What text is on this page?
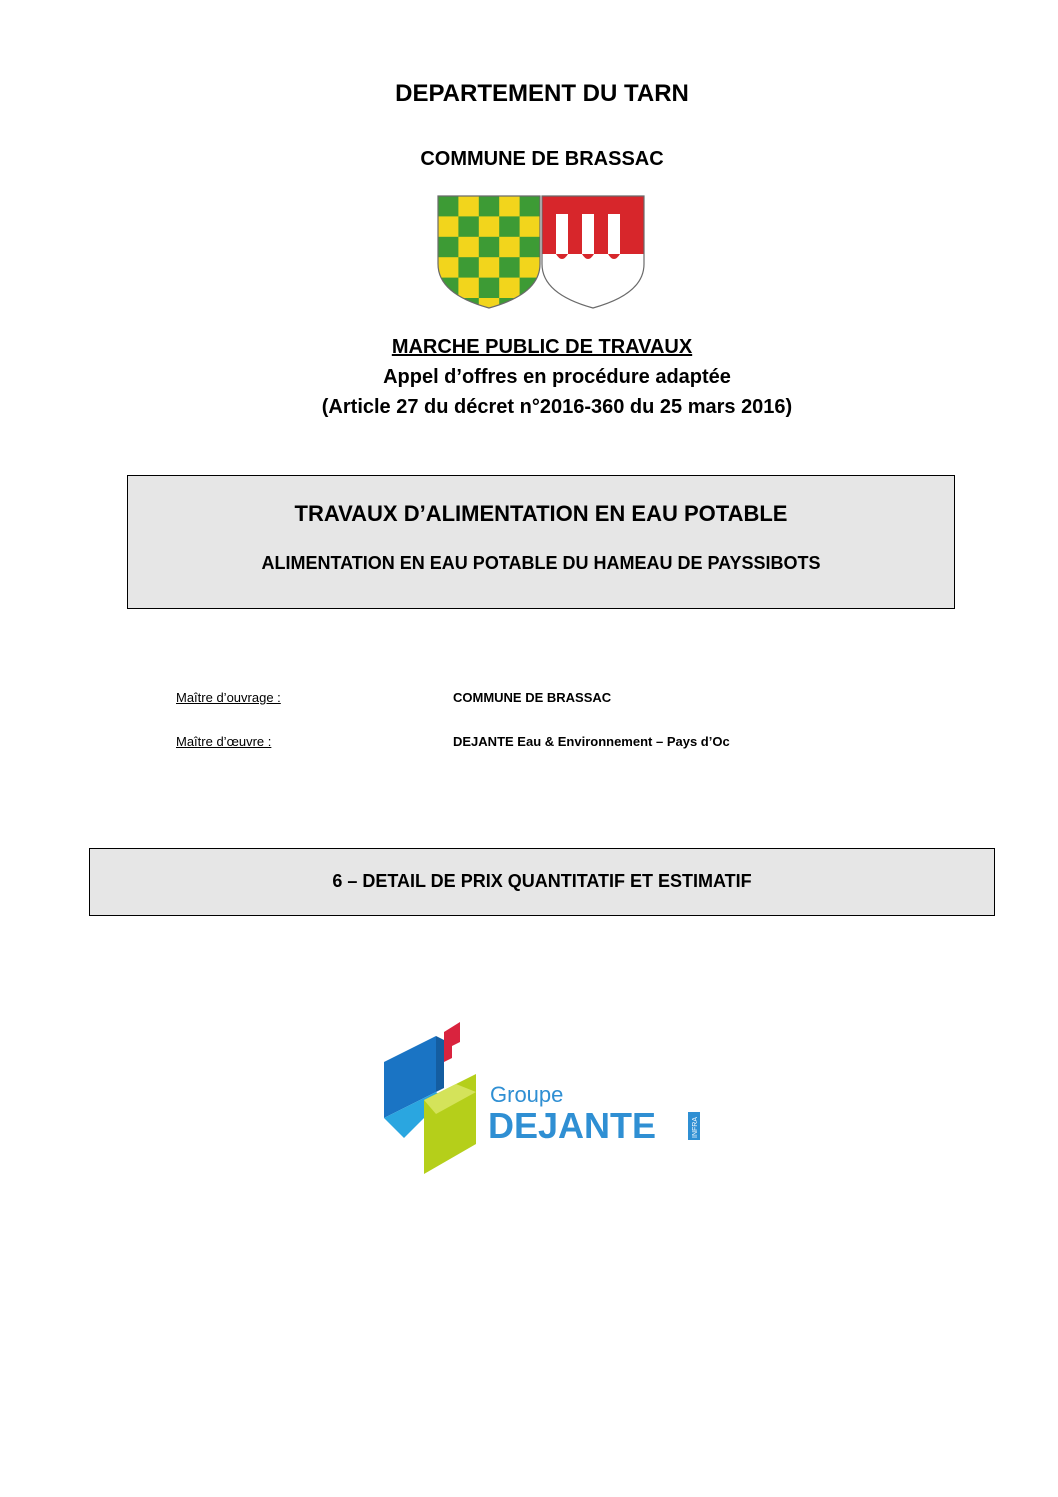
DEPARTEMENT DU TARN
COMMUNE DE BRASSAC
MARCHE PUBLIC DE TRAVAUX
Appel d’offres en procédure adaptée
(Article 27 du décret n°2016-360 du 25 mars 2016)
TRAVAUX D’ALIMENTATION EN EAU POTABLE
ALIMENTATION EN EAU POTABLE DU HAMEAU DE PAYSSIBOTS
Maître d’ouvrage :	COMMUNE DE BRASSAC
Maître d’œuvre :	DEJANTE Eau & Environnement – Pays d’Oc
6 – DETAIL DE PRIX QUANTITATIF ET ESTIMATIF
Groupe
DEJANTE	INFRA
